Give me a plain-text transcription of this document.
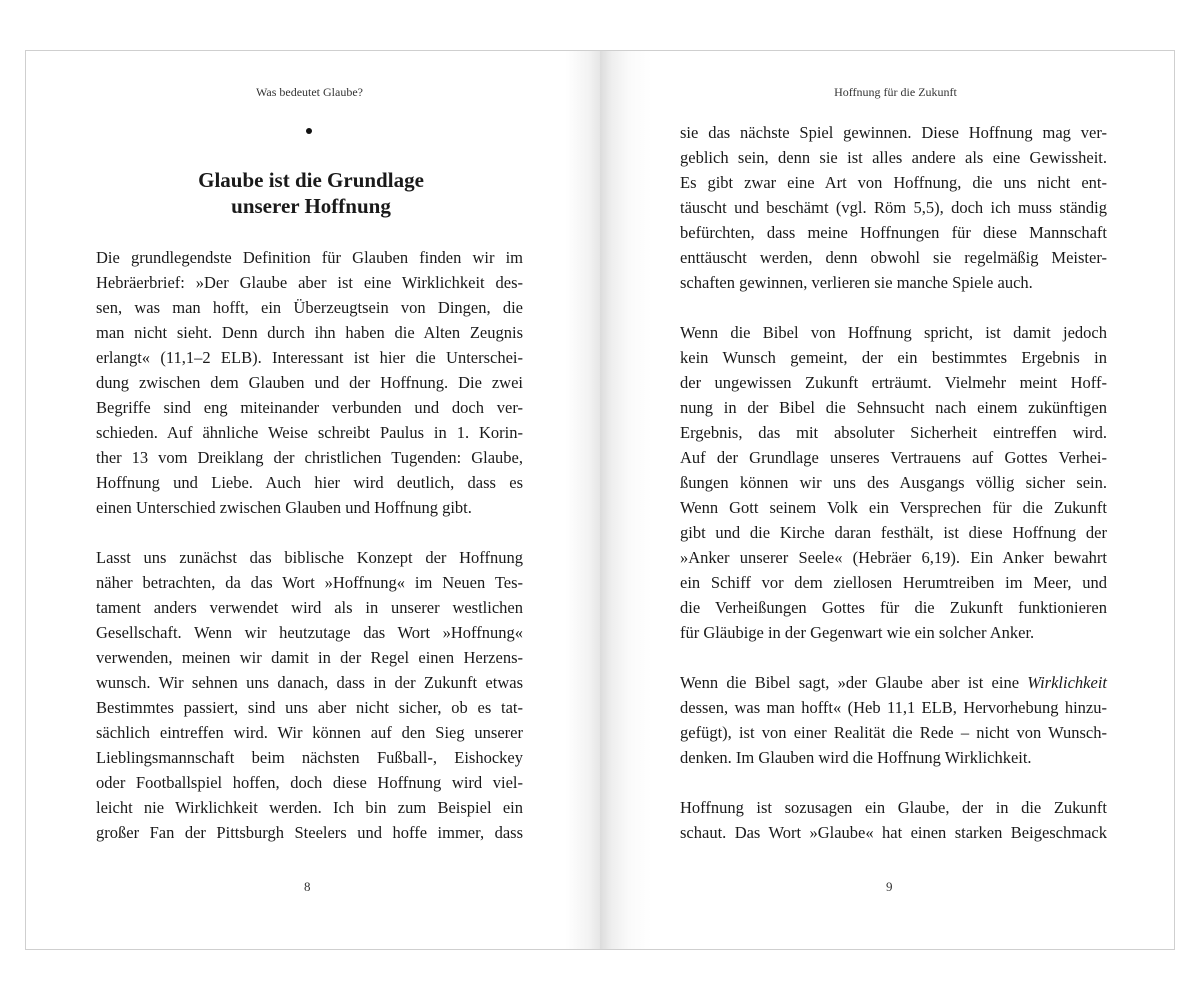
Was bedeutet Glaube?
Glaube ist die Grundlage
unserer Hoffnung
Die grundlegendste Definition für Glauben finden wir im
Hebräerbrief: »Der Glaube aber ist eine Wirklichkeit des-
sen, was man hofft, ein Überzeugtsein von Dingen, die
man nicht sieht. Denn durch ihn haben die Alten Zeugnis
erlangt« (11,1–2 ELB). Interessant ist hier die Unterschei-
dung zwischen dem Glauben und der Hoffnung. Die zwei
Begriffe sind eng miteinander verbunden und doch ver-
schieden. Auf ähnliche Weise schreibt Paulus in 1. Korin-
ther 13 vom Dreiklang der christlichen Tugenden: Glaube,
Hoffnung und Liebe. Auch hier wird deutlich, dass es
einen Unterschied zwischen Glauben und Hoffnung gibt.
Lasst uns zunächst das biblische Konzept der Hoffnung
näher betrachten, da das Wort »Hoffnung« im Neuen Tes-
tament anders verwendet wird als in unserer westlichen
Gesellschaft. Wenn wir heutzutage das Wort »Hoffnung«
verwenden, meinen wir damit in der Regel einen Herzens-
wunsch. Wir sehnen uns danach, dass in der Zukunft etwas
Bestimmtes passiert, sind uns aber nicht sicher, ob es tat-
sächlich eintreffen wird. Wir können auf den Sieg unserer
Lieblingsmannschaft beim nächsten Fußball-, Eishockey
oder Footballspiel hoffen, doch diese Hoffnung wird viel-
leicht nie Wirklichkeit werden. Ich bin zum Beispiel ein
großer Fan der Pittsburgh Steelers und hoffe immer, dass
8
Hoffnung für die Zukunft
sie das nächste Spiel gewinnen. Diese Hoffnung mag ver-
geblich sein, denn sie ist alles andere als eine Gewissheit.
Es gibt zwar eine Art von Hoffnung, die uns nicht ent-
täuscht und beschämt (vgl. Röm 5,5), doch ich muss ständig
befürchten, dass meine Hoffnungen für diese Mannschaft
enttäuscht werden, denn obwohl sie regelmäßig Meister-
schaften gewinnen, verlieren sie manche Spiele auch.
Wenn die Bibel von Hoffnung spricht, ist damit jedoch
kein Wunsch gemeint, der ein bestimmtes Ergebnis in
der ungewissen Zukunft erträumt. Vielmehr meint Hoff-
nung in der Bibel die Sehnsucht nach einem zukünftigen
Ergebnis, das mit absoluter Sicherheit eintreffen wird.
Auf der Grundlage unseres Vertrauens auf Gottes Verhei-
ßungen können wir uns des Ausgangs völlig sicher sein.
Wenn Gott seinem Volk ein Versprechen für die Zukunft
gibt und die Kirche daran festhält, ist diese Hoffnung der
»Anker unserer Seele« (Hebräer 6,19). Ein Anker bewahrt
ein Schiff vor dem ziellosen Herumtreiben im Meer, und
die Verheißungen Gottes für die Zukunft funktionieren
für Gläubige in der Gegenwart wie ein solcher Anker.
Wenn die Bibel sagt, »der Glaube aber ist eine Wirklichkeit
dessen, was man hofft« (Heb 11,1 ELB, Hervorhebung hinzu-
gefügt), ist von einer Realität die Rede – nicht von Wunsch-
denken. Im Glauben wird die Hoffnung Wirklichkeit.
Hoffnung ist sozusagen ein Glaube, der in die Zukunft
schaut. Das Wort »Glaube« hat einen starken Beigeschmack
9
